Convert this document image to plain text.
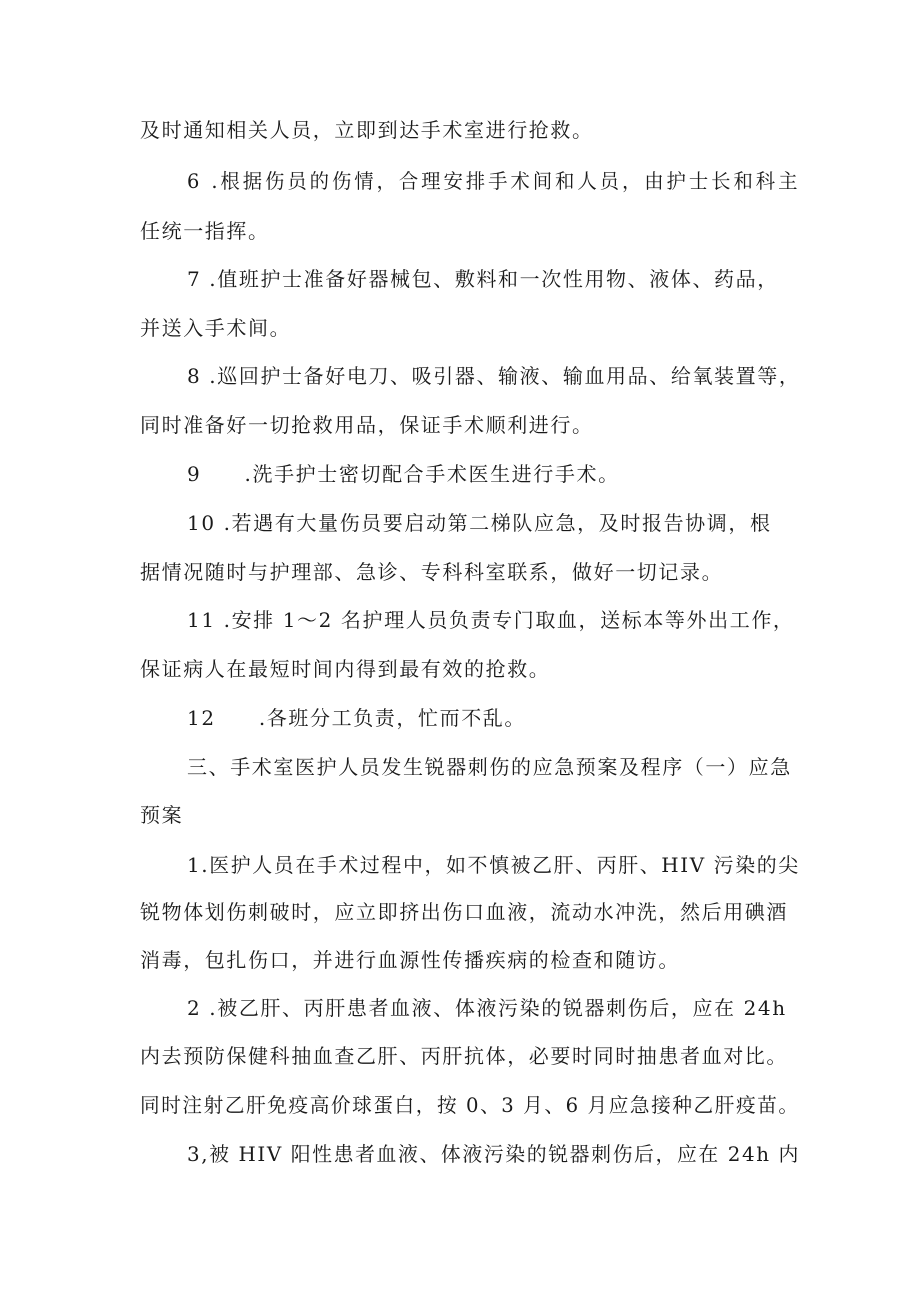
及时通知相关人员，立即到达手术室进行抢救。
6 .根据伤员的伤情，合理安排手术间和人员，由护士长和科主
任统一指挥。
7 .值班护士准备好器械包、敷料和一次性用物、液体、药品，
并送入手术间。
8 .巡回护士备好电刀、吸引器、输液、输血用品、给氧装置等，
同时准备好一切抢救用品，保证手术顺利进行。
9　　.洗手护士密切配合手术医生进行手术。
10 .若遇有大量伤员要启动第二梯队应急，及时报告协调，根
据情况随时与护理部、急诊、专科科室联系，做好一切记录。
11 .安排 1～2 名护理人员负责专门取血，送标本等外出工作，
保证病人在最短时间内得到最有效的抢救。
12　　.各班分工负责，忙而不乱。
三、手术室医护人员发生锐器刺伤的应急预案及程序（一）应急
预案
1.医护人员在手术过程中，如不慎被乙肝、丙肝、HIV 污染的尖
锐物体划伤刺破时，应立即挤出伤口血液，流动水冲洗，然后用碘酒
消毒，包扎伤口，并进行血源性传播疾病的检查和随访。
2 .被乙肝、丙肝患者血液、体液污染的锐器刺伤后，应在 24h
内去预防保健科抽血查乙肝、丙肝抗体，必要时同时抽患者血对比。
同时注射乙肝免疫高价球蛋白，按 0、3 月、6 月应急接种乙肝疫苗。
3,被 HIV 阳性患者血液、体液污染的锐器刺伤后，应在 24h 内
